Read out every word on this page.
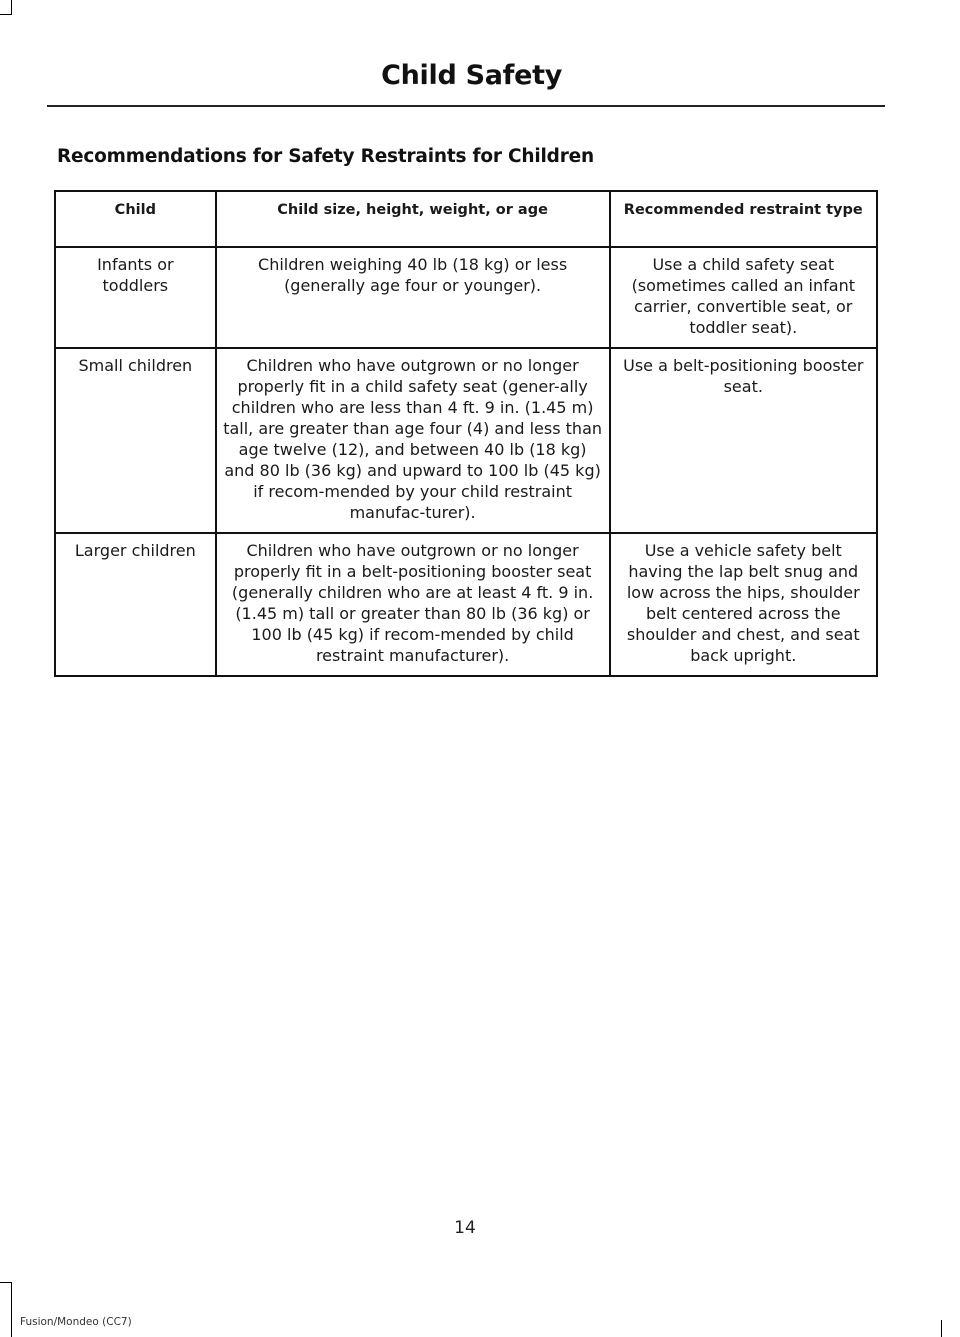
Child Safety
Recommendations for Safety Restraints for Children
Child	Child size, height, weight, or age	Recommended restraint type
Infants or toddlers	Children weighing 40 lb (18 kg) or less (generally age four or younger).	Use a child safety seat (sometimes called an infant carrier, convertible seat, or toddler seat).
Small children	Children who have outgrown or no longer properly fit in a child safety seat (gener-ally children who are less than 4 ft. 9 in. (1.45 m) tall, are greater than age four (4) and less than age twelve (12), and between 40 lb (18 kg) and 80 lb (36 kg) and upward to 100 lb (45 kg) if recom-mended by your child restraint manufac-turer).	Use a belt-positioning booster seat.
Larger children	Children who have outgrown or no longer properly fit in a belt-positioning booster seat (generally children who are at least 4 ft. 9 in. (1.45 m) tall or greater than 80 lb (36 kg) or 100 lb (45 kg) if recom-mended by child restraint manufacturer).	Use a vehicle safety belt having the lap belt snug and low across the hips, shoulder belt centered across the shoulder and chest, and seat back upright.
14
Fusion/Mondeo (CC7)
